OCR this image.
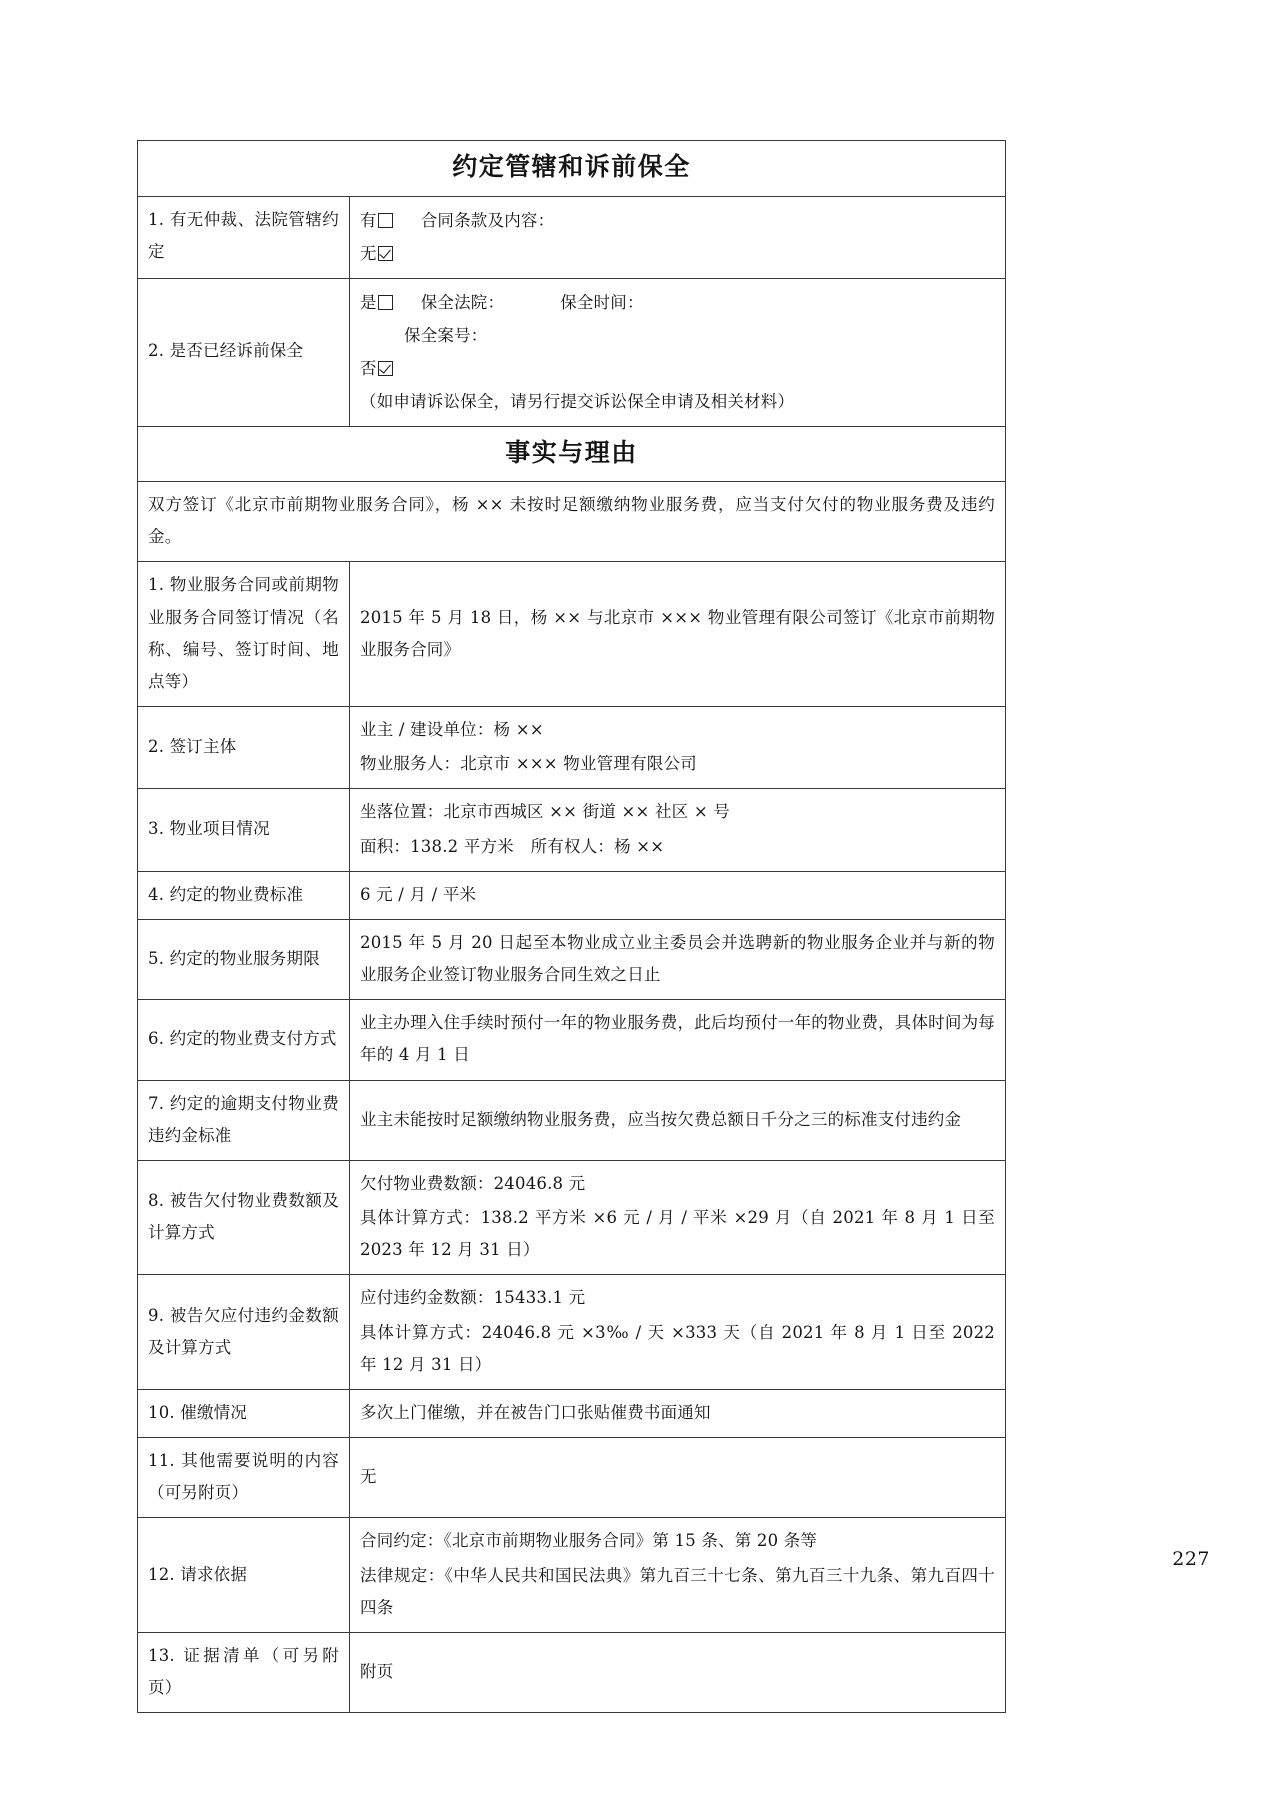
约定管辖和诉前保全	

1. 有无仲裁、法院管辖约定	有 合同条款及内容：
无

2. 是否已经诉前保全	是 保全法院： 保全时间：
保全案号：
否
（如申请诉讼保全，请另行提交诉讼保全申请及相关材料）

事实与理由	

双方签订《北京市前期物业服务合同》，杨 ×× 未按时足额缴纳物业服务费，应当支付欠付的物业服务费及违约金。	

1. 物业服务合同或前期物业服务合同签订情况（名称、编号、签订时间、地点等）	2015 年 5 月 18 日，杨 ×× 与北京市 ××× 物业管理有限公司签订《北京市前期物业服务合同》

2. 签订主体	业主 / 建设单位：杨 ××

物业服务人：北京市 ××× 物业管理有限公司

3. 物业项目情况	坐落位置：北京市西城区 ×× 街道 ×× 社区 × 号

面积：138.2 平方米　所有权人：杨 ××

4. 约定的物业费标准	6 元 / 月 / 平米

5. 约定的物业服务期限	2015 年 5 月 20 日起至本物业成立业主委员会并选聘新的物业服务企业并与新的物业服务企业签订物业服务合同生效之日止

6. 约定的物业费支付方式	业主办理入住手续时预付一年的物业服务费，此后均预付一年的物业费，具体时间为每年的 4 月 1 日

7. 约定的逾期支付物业费违约金标准	业主未能按时足额缴纳物业服务费，应当按欠费总额日千分之三的标准支付违约金

8. 被告欠付物业费数额及计算方式	欠付物业费数额：24046.8 元

具体计算方式：138.2 平方米 ×6 元 / 月 / 平米 ×29 月（自 2021 年 8 月 1 日至 2023 年 12 月 31 日）

9. 被告欠应付违约金数额及计算方式	应付违约金数额：15433.1 元

具体计算方式：24046.8 元 ×3‰ / 天 ×333 天（自 2021 年 8 月 1 日至 2022 年 12 月 31 日）

10. 催缴情况	多次上门催缴，并在被告门口张贴催费书面通知

11. 其他需要说明的内容（可另附页）	无

12. 请求依据	合同约定：《北京市前期物业服务合同》第 15 条、第 20 条等

法律规定：《中华人民共和国民法典》第九百三十七条、第九百三十九条、第九百四十四条

13. 证据清单（可另附页）	附页

227
